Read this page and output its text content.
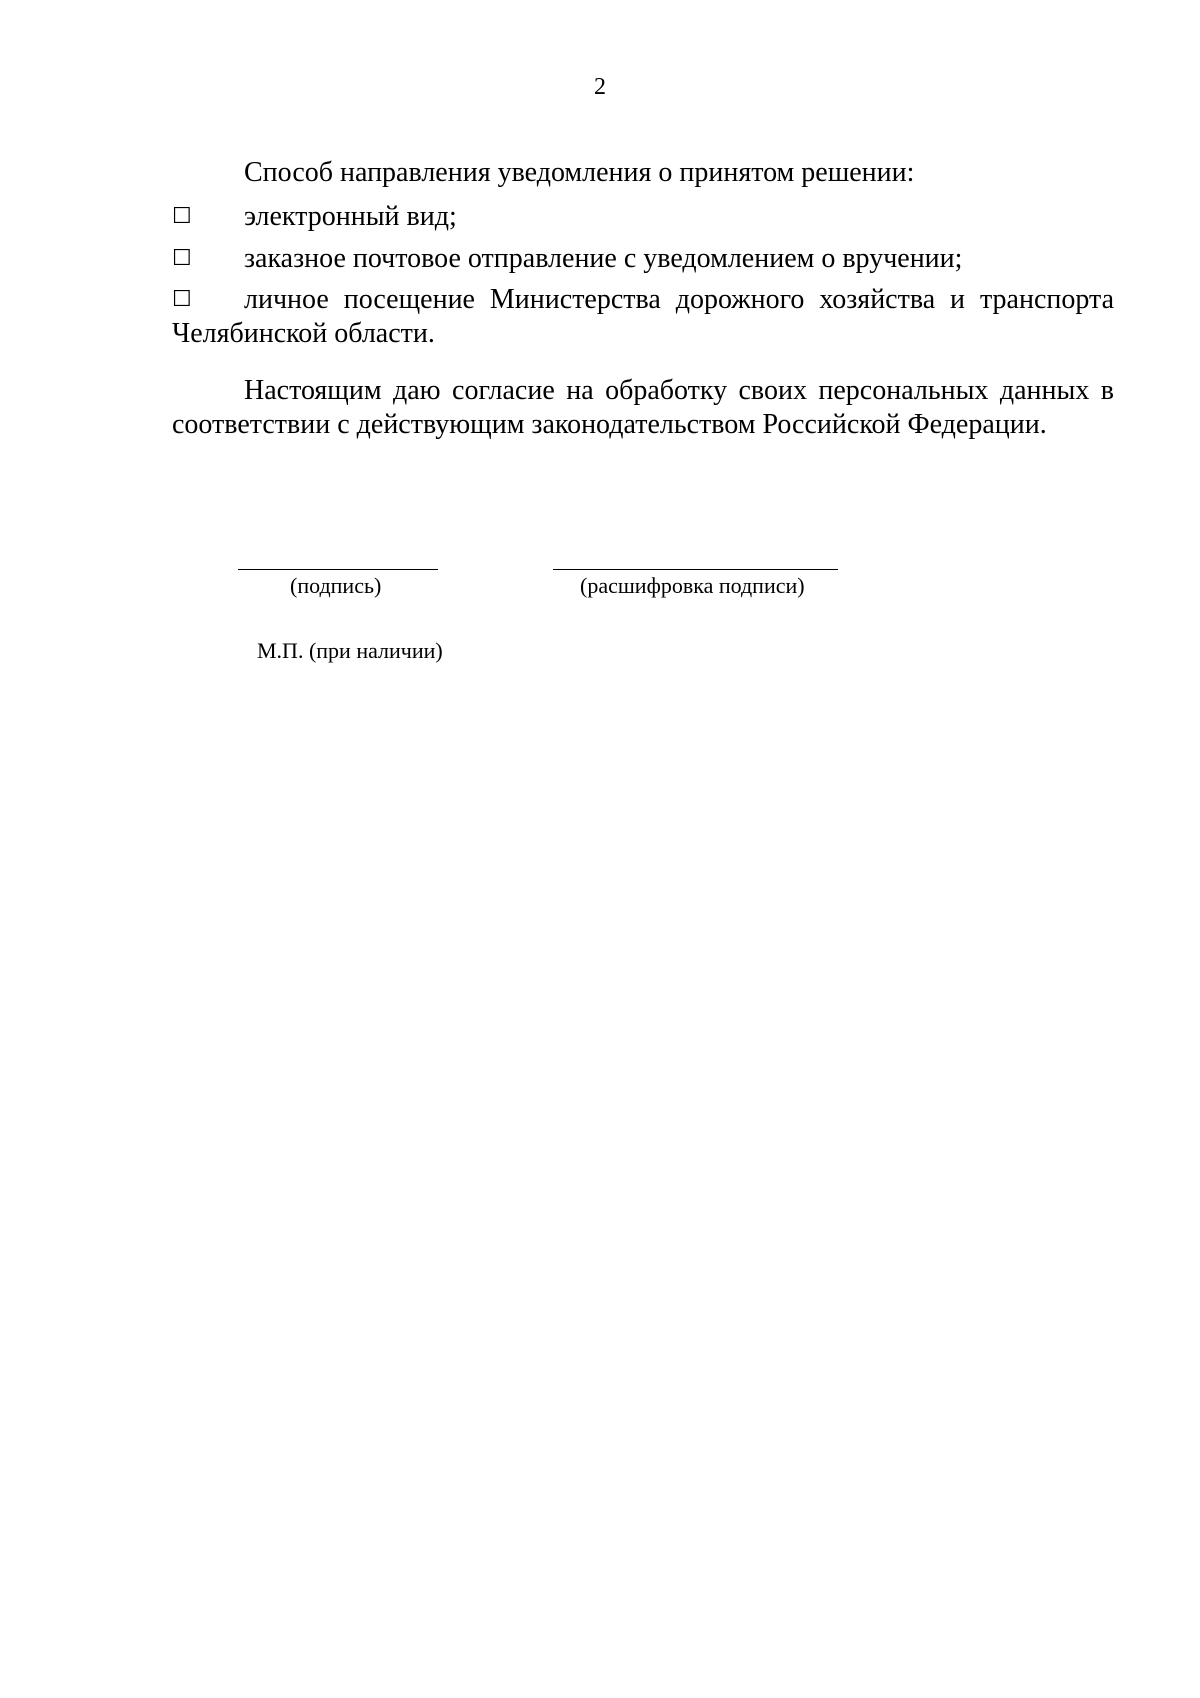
2
Способ направления уведомления о принятом решении:
☐ электронный вид;
☐ заказное почтовое отправление с уведомлением о вручении;
☐	личное посещение Министерства дорожного хозяйства и транспорта Челябинской области.
Настоящим даю согласие на обработку своих персональных данных в соответствии с действующим законодательством Российской Федерации.
(подпись)	(расшифровка подписи)
М.П. (при наличии)
